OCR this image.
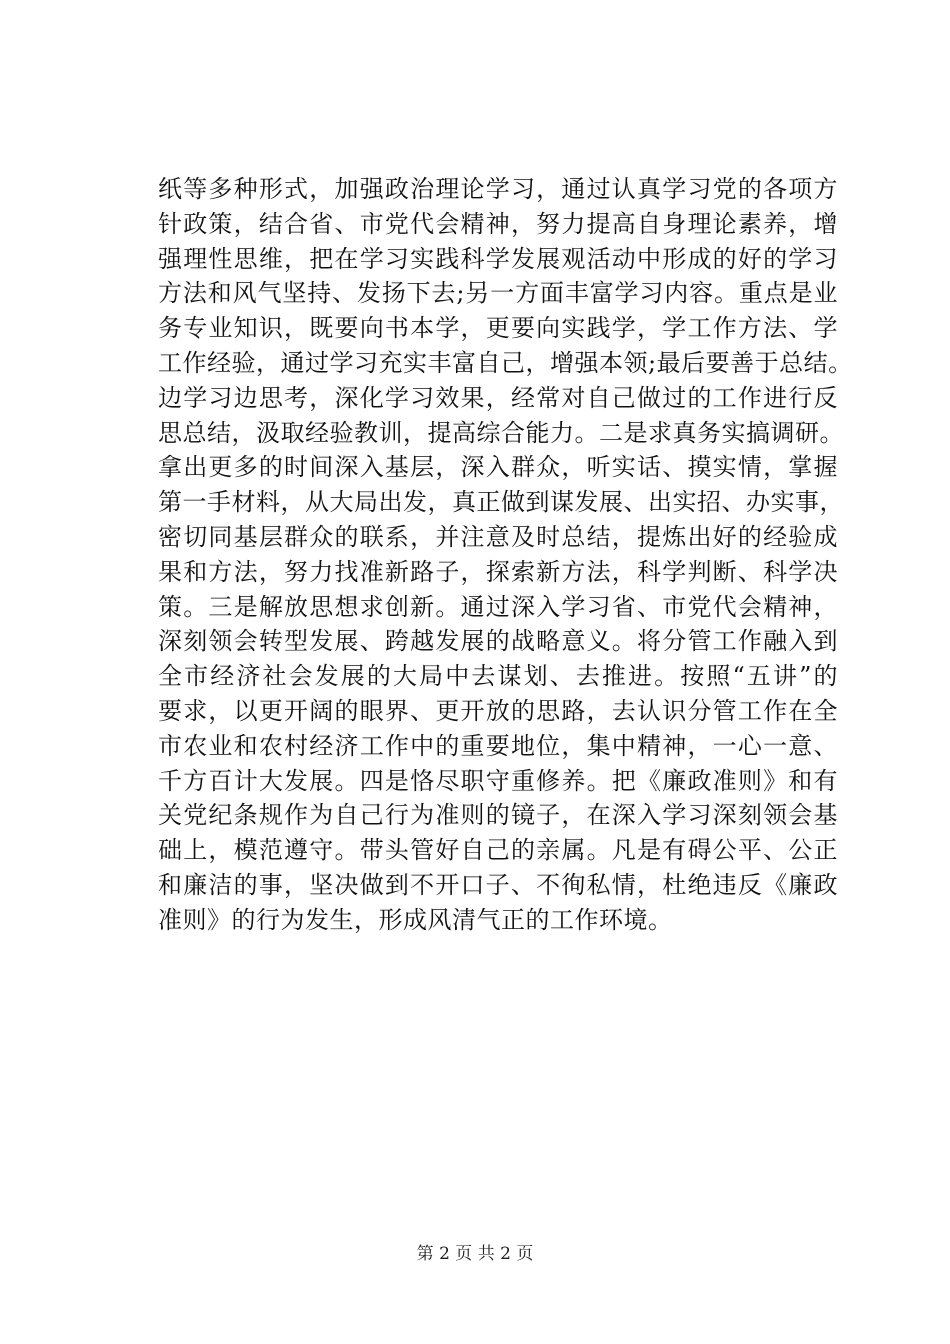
纸等多种形式，加强政治理论学习，通过认真学习党的各项方
针政策，结合省、市党代会精神，努力提高自身理论素养，增
强理性思维，把在学习实践科学发展观活动中形成的好的学习
方法和风气坚持、发扬下去;另一方面丰富学习内容。重点是业
务专业知识，既要向书本学，更要向实践学，学工作方法、学
工作经验，通过学习充实丰富自己，增强本领;最后要善于总结。
边学习边思考，深化学习效果，经常对自己做过的工作进行反
思总结，汲取经验教训，提高综合能力。二是求真务实搞调研。
拿出更多的时间深入基层，深入群众，听实话、摸实情，掌握
第一手材料，从大局出发，真正做到谋发展、出实招、办实事，
密切同基层群众的联系，并注意及时总结，提炼出好的经验成
果和方法，努力找准新路子，探索新方法，科学判断、科学决
策。三是解放思想求创新。通过深入学习省、市党代会精神，
深刻领会转型发展、跨越发展的战略意义。将分管工作融入到
全市经济社会发展的大局中去谋划、去推进。按照“五讲”的
要求，以更开阔的眼界、更开放的思路，去认识分管工作在全
市农业和农村经济工作中的重要地位，集中精神，一心一意、
千方百计大发展。四是恪尽职守重修养。把《廉政准则》和有
关党纪条规作为自己行为准则的镜子，在深入学习深刻领会基
础上，模范遵守。带头管好自己的亲属。凡是有碍公平、公正
和廉洁的事，坚决做到不开口子、不徇私情，杜绝违反《廉政
准则》的行为发生，形成风清气正的工作环境。
第 2 页 共 2 页
